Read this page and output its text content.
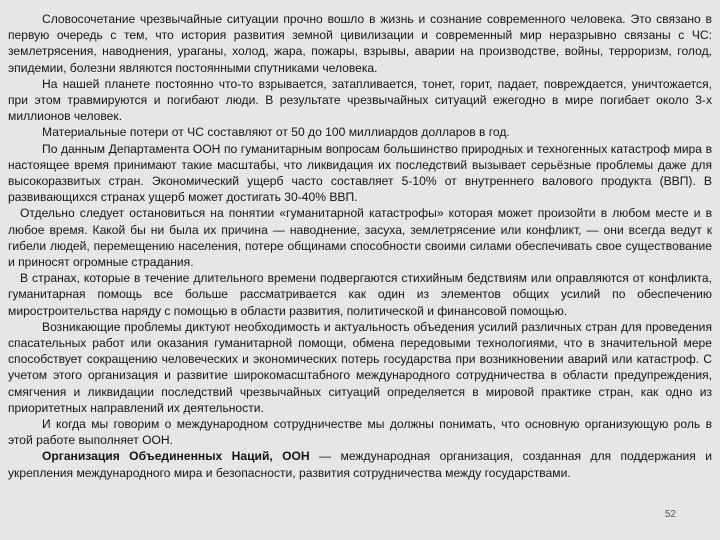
Словосочетание чрезвычайные ситуации прочно вошло в жизнь и сознание современного человека. Это связано в первую очередь с тем, что история развития земной цивилизации и современный мир неразрывно связаны с ЧС: землетрясения, наводнения, ураганы, холод, жара, пожары, взрывы, аварии на производстве, войны, терроризм, голод, эпидемии, болезни являются постоянными спутниками человека.

На нашей планете постоянно что-то взрывается, затапливается, тонет, горит, падает, повреждается, уничтожается, при этом травмируются и погибают люди. В результате чрезвычайных ситуаций ежегодно в мире погибает около 3-х миллионов человек.

Материальные потери от ЧС составляют от 50 до 100 миллиардов долларов в год.

По данным Департамента ООН по гуманитарным вопросам большинство природных и техногенных катастроф мира в настоящее время принимают такие масштабы, что ликвидация их последствий вызывает серьёзные проблемы даже для высокоразвитых стран. Экономический ущерб часто составляет 5-10% от внутреннего валового продукта (ВВП). В развивающихся странах ущерб может достигать 30-40% ВВП.

Отдельно следует остановиться на понятии «гуманитарной катастрофы» которая может произойти в любом месте и в любое время. Какой бы ни была их причина — наводнение, засуха, землетрясение или конфликт, — они всегда ведут к гибели людей, перемещению населения, потере общинами способности своими силами обеспечивать свое существование и приносят огромные страдания.

В странах, которые в течение длительного времени подвергаются стихийным бедствиям или оправляются от конфликта, гуманитарная помощь все больше рассматривается как один из элементов общих усилий по обеспечению миростроительства наряду с помощью в области развития, политической и финансовой помощью.

Возникающие проблемы диктуют необходимость и актуальность объедения усилий различных стран для проведения спасательных работ или оказания гуманитарной помощи, обмена передовыми технологиями, что в значительной мере способствует сокращению человеческих и экономических потерь государства при возникновении аварий или катастроф. С учетом этого организация и развитие широкомасштабного международного сотрудничества в области предупреждения, смягчения и ликвидации последствий чрезвычайных ситуаций определяется в мировой практике стран, как одно из приоритетных направлений их деятельности.

И когда мы говорим о международном сотрудничестве мы должны понимать, что основную организующую роль в этой работе выполняет ООН.

Организация Объединенных Наций, ООН — международная организация, созданная для поддержания и укрепления международного мира и безопасности, развития сотрудничества между государствами.

52
